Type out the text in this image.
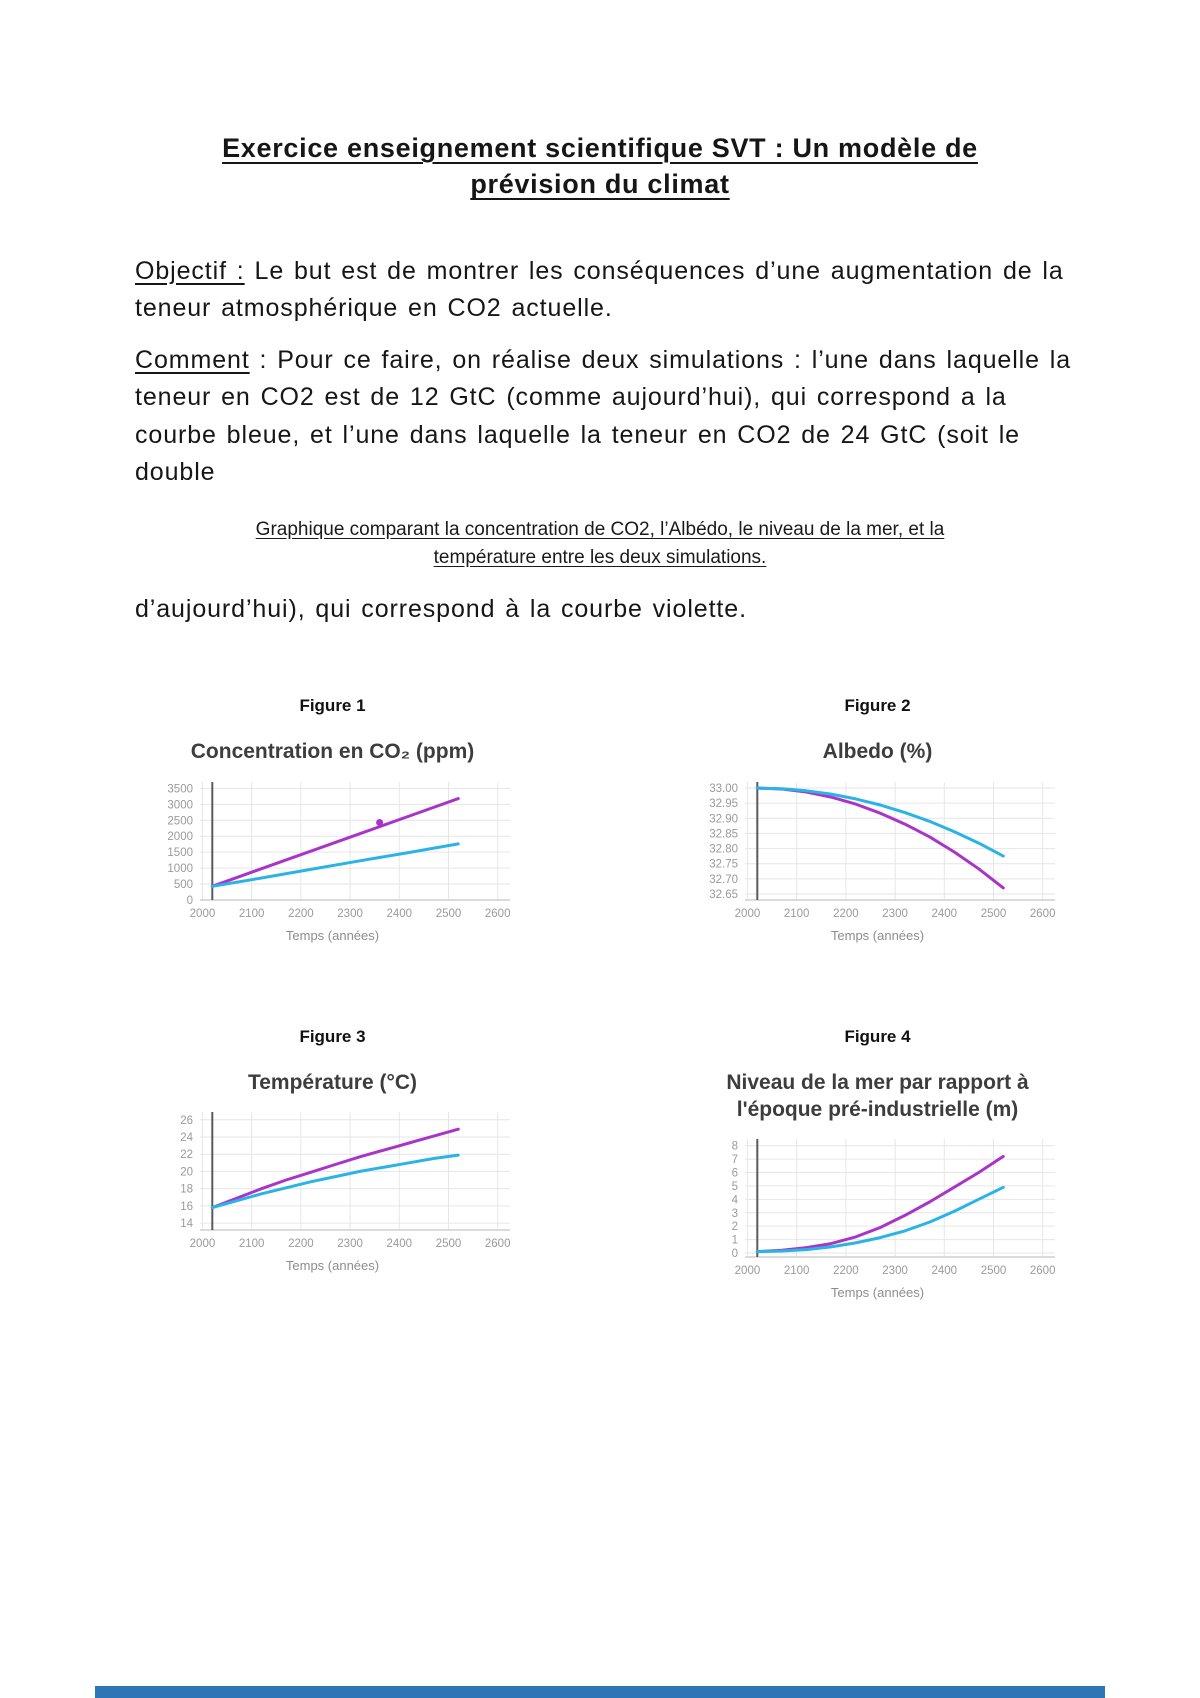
Exercice enseignement scientifique SVT : Un modèle de prévision du climat

Objectif : Le but est de montrer les conséquences d’une augmentation de la teneur atmosphérique en CO2 actuelle.

Comment : Pour ce faire, on réalise deux simulations : l’une dans laquelle la teneur en CO2 est de 12 GtC (comme aujourd’hui), qui correspond a la courbe bleue, et l’une dans laquelle la teneur en CO2 de 24 GtC (soit le double

Graphique comparant la concentration de CO2, l’Albédo, le niveau de la mer, et la température entre les deux simulations.

d’aujourd’hui), qui correspond à la courbe violette.

Figure 1
Concentration en CO₂ (ppm)
3500
3000
2500
2000
1500
1000
500
0
2000 2100 2200 2300 2400 2500 2600
Temps (années)
Figure 2
Albedo (%)
33.00
32.95
32.90
32.85
32.80
32.75
32.70
32.65
2000 2100 2200 2300 2400 2500 2600
Temps (années)
Figure 3
Température (°C)
26
24
22
20
18
16
14
2000 2100 2200 2300 2400 2500 2600
Temps (années)
Figure 4
Niveau de la mer par rapport à l'époque pré-industrielle (m)
8
7
6
5
4
3
2
1
0
2000 2100 2200 2300 2400 2500 2600
Temps (années)
